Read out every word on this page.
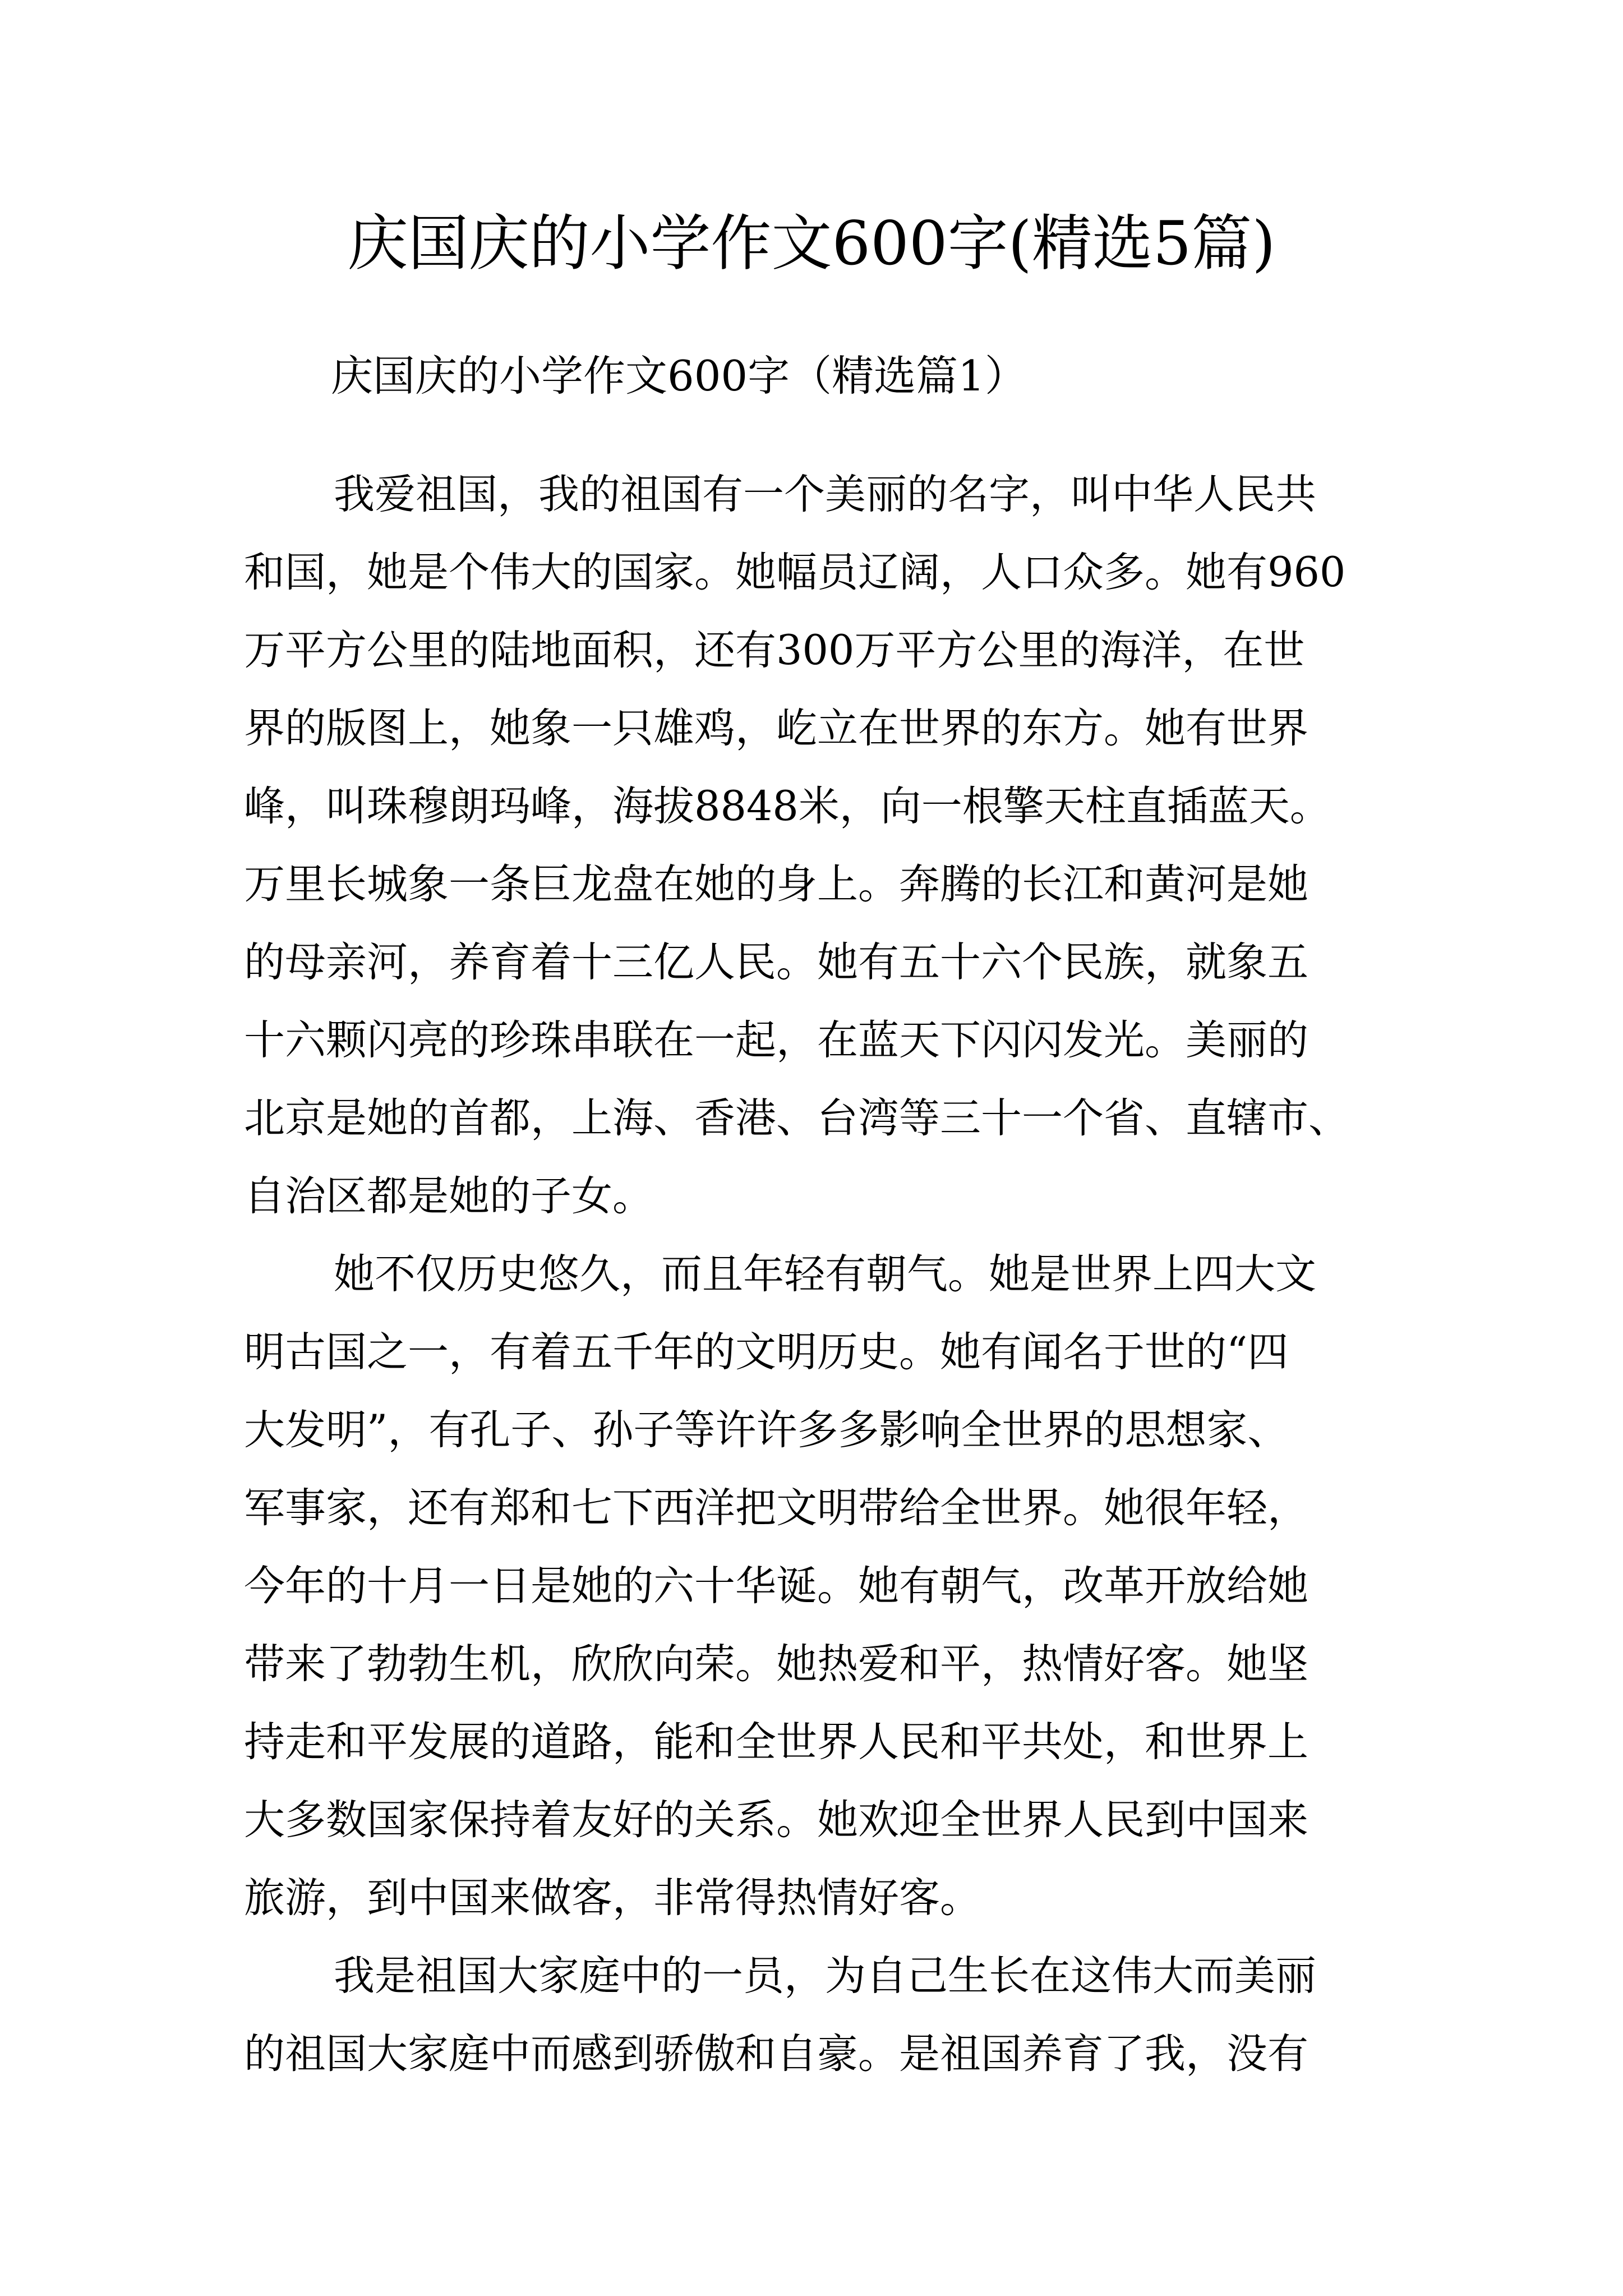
庆国庆的小学作文600字(精选5篇)
庆国庆的小学作文600字（精选篇1）
我爱祖国，我的祖国有一个美丽的名字，叫中华人民共
和国，她是个伟大的国家。她幅员辽阔，人口众多。她有960
万平方公里的陆地面积，还有300万平方公里的海洋，在世
界的版图上，她象一只雄鸡，屹立在世界的东方。她有世界
峰，叫珠穆朗玛峰，海拔8848米，向一根擎天柱直插蓝天。
万里长城象一条巨龙盘在她的身上。奔腾的长江和黄河是她
的母亲河，养育着十三亿人民。她有五十六个民族，就象五
十六颗闪亮的珍珠串联在一起，在蓝天下闪闪发光。美丽的
北京是她的首都，上海、香港、台湾等三十一个省、直辖市、
自治区都是她的子女。
她不仅历史悠久，而且年轻有朝气。她是世界上四大文
明古国之一，有着五千年的文明历史。她有闻名于世的“四
大发明”，有孔子、孙子等许许多多影响全世界的思想家、
军事家，还有郑和七下西洋把文明带给全世界。她很年轻，
今年的十月一日是她的六十华诞。她有朝气，改革开放给她
带来了勃勃生机，欣欣向荣。她热爱和平，热情好客。她坚
持走和平发展的道路，能和全世界人民和平共处，和世界上
大多数国家保持着友好的关系。她欢迎全世界人民到中国来
旅游，到中国来做客，非常得热情好客。
我是祖国大家庭中的一员，为自己生长在这伟大而美丽
的祖国大家庭中而感到骄傲和自豪。是祖国养育了我，没有
